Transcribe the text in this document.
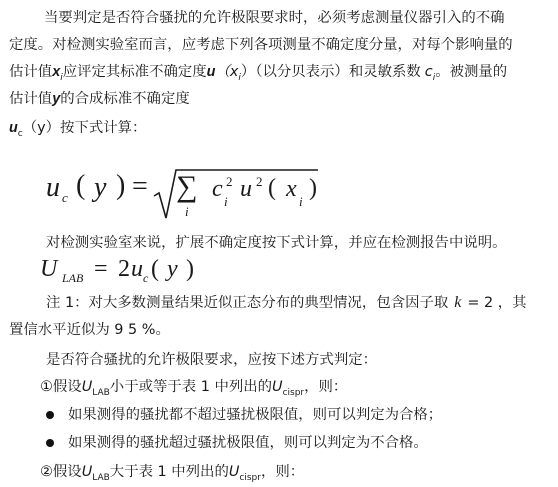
当要判定是否符合骚扰的允许极限要求时，必须考虑测量仪器引入的不确
定度。对检测实验室而言，应考虑下列各项测量不确定度分量，对每个影响量的
估计值$x_i$应评定其标准不确定度$u(x_i)$（以分贝表示）和灵敏系数 $c_i$。被测量的
估计值y的合成标准不确定度
$u_c(y)$按下式计算：
u c ( y ) = ∑
i
c i
2 u 2 ( x i
)
对检测实验室来说，扩展不确定度按下式计算，并应在检测报告中说明。
U LAB = 2 u c ( y )
注 1：对大多数测量结果近似正态分布的典型情况，包含因子取 k = 2 ，其
置信水平近似为 9 5 %。
是否符合骚扰的允许极限要求，应按下述方式判定：
①假设$U_{LAB}$小于或等于表 1 中列出的$U_{cispr}$，则：
如果测得的骚扰都不超过骚扰极限值，则可以判定为合格；
如果测得的骚扰超过骚扰极限值，则可以判定为不合格。
②假设$U_{LAB}$大于表 1 中列出的$U_{cispr}$，则：
